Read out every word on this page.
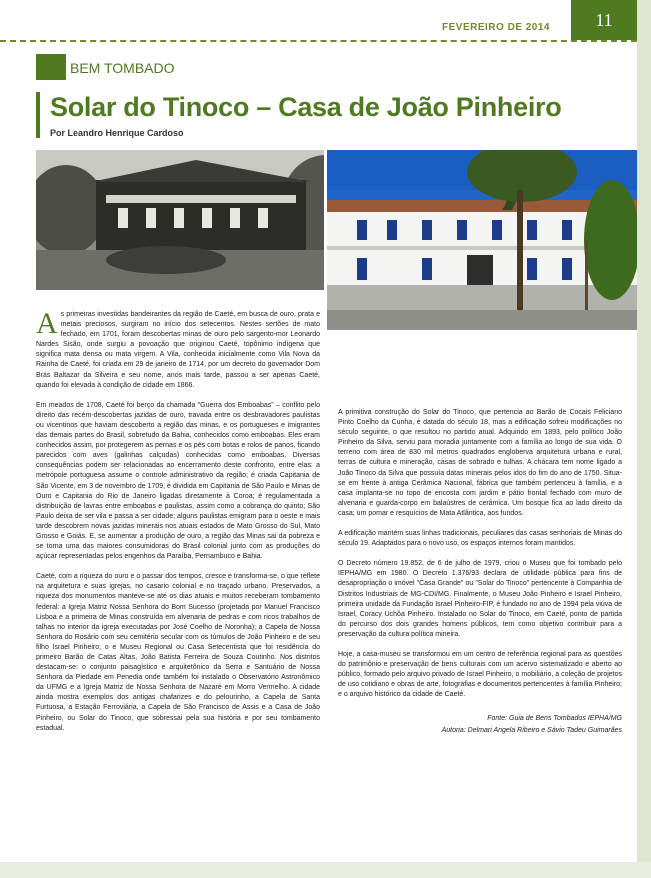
FEVEREIRO DE 2014	11
BEM TOMBADO
Solar do Tinoco – Casa de João Pinheiro
Por Leandro Henrique Cardoso

As primeiras investidas bandeirantes da região de Caeté, em busca de ouro, prata e metais preciosos, surgiram no início dos setecentos. Nestes sertões de mato fechado, em 1701, foram descobertas minas de ouro pelo sargento-mor Leonardo Nardes Sisão, onde surgiu a povoação que originou Caeté, topônimo indígena que significa mata densa ou mata virgem. A Vila, conhecida inicialmente como Vila Nova da Rainha de Caeté, foi criada em 29 de janeiro de 1714, por um decreto do governador Dom Brás Baltazar da Silveira e seu nome, anos mais tarde, passou a ser apenas Caeté, quando foi elevada à condição de cidade em 1866.

Em meados de 1708, Caeté foi berço da chamada "Guerra dos Emboabas" – conflito pelo direito das recém-descobertas jazidas de ouro, travada entre os desbravadores paulistas ou vicentinos que haviam descoberto a região das minas, e os portugueses e imigrantes das demais partes do Brasil, sobretudo da Bahia, conhecidos como emboabas. Eles eram conhecidos assim, por protegerem as pernas e os pés com botas e rolos de panos, ficando parecidos com aves (galinhas calçudas) conhecidas como emboabas. Diversas consequências podem ser relacionadas ao encerramento deste confronto, entre elas: a metrópole portuguesa assume o controle administrativo da região; é criada Capitania de São Vicente, em 3 de novembro de 1709, é dividida em Capitania de São Paulo e Minas de Ouro e Capitania do Rio de Janeiro ligadas diretamente à Coroa; é regulamentada a distribuição de lavras entre emboabas e paulistas, assim como a cobrança do quinto; São Paulo deixa de ser vila e passa a ser cidade; alguns paulistas emigram para o oeste e mais tarde descobrem novas jazidas minerais nos atuais estados de Mato Grosso do Sul, Mato Grosso e Goiás. E, se aumentar a produção de ouro, a região das Minas sai da pobreza e se torna uma das maiores consumidoras do Brasil colonial junto com as produções do açúcar representadas pelos engenhos da Paraíba, Pernambuco e Bahia.

Caeté, com a riqueza do ouro e o passar dos tempos, cresce e transforma-se, o que reflete na arquitetura e suas igrejas, no casario colonial e no traçado urbano. Preservados, a riqueza dos monumentos manteve-se até os dias atuais e muitos receberam tombamento federal: a Igreja Matriz Nossa Senhora do Bom Sucesso (projetada por Manuel Francisco Lisboa e a primeira de Minas construída em alvenaria de pedras e com ricos trabalhos de talhas no interior da igreja executadas por José Coelho de Noronha); a Capela de Nossa Senhora do Rosário com seu cemitério secular com os túmulos de João Pinheiro e de seu filho Israel Pinheiro; o e Museu Regional ou Casa Setecentista que foi residência do primeiro Barão de Catas Altas, João Batista Ferreira de Souza Coutinho. Nos distritos destacam-se: o conjunto paisagístico e arquitetônico da Serra e Santuário de Nossa Senhora da Piedade em Penedia onde também foi instalado o Observatório Astronômico da UFMG e a Igreja Matriz de Nossa Senhora de Nazaré em Morro Vermelho. A cidade ainda mostra exemplos dos antigas chafarizes e do pelourinho, a Capela de Santa Furtuosa, a Estação Ferroviária, a Capela de São Francisco de Assis e a Casa de João Pinheiro, ou Solar do Tinoco, que sobressai pela sua história e por seu tombamento estadual.

A primitiva construção do Solar do Tinoco, que pertencia ao Barão de Cocais Feliciano Pinto Coelho da Cunha, é datada do século 18, mas a edificação sofreu modificações no século seguinte, o que resultou no partido atual. Adquirido em 1893, pelo político João Pinheiro da Silva, serviu para moradia juntamente com a família ao longo de sua vida. O terreno com área de 830 mil metros quadrados engloberva arquitetura urbana e rural, terras de cultura e mineração, casas de sobrado e tulhas. A chácara tem nome ligado a João Tinoco da Silva que possuía datas minerais pelos idos do fim do ano de 1750. Situa-se em frente à antiga Cerâmica Nacional, fábrica que também pertenceu à família, e a casa implanta-se no topo de encosta com jardim e pátio frontal fechado com muro de alvenaria e guarda-corpo em balaústres de cerâmica. Um bosque fica ao lado direito da casa; um pomar e resquícios de Mata Atlântica, aos fundos.

A edificação mantém suas linhas tradicionais, peculiares das casas senhoriais de Minas do século 19. Adaptados para o novo uso, os espaços internos foram mantidos.

O Decreto número 19.852, de 6 de julho de 1979, criou o Museu que foi tombado pelo IEPHA/MG em 1980. O Decreto 1.376/93 declara de utilidade pública para fins de desapropriação o imóvel "Casa Grande" ou "Solar do Tinoco" pertencente à Companhia de Distritos Industriais de MG-CDI/MG. Finalmente, o Museu João Pinheiro e Israel Pinheiro, primeira unidade da Fundação Israel Pinheiro-FIP, é fundado no ano de 1994 pela viúva de Israel, Coracy Uchôa Pinheiro. Instalado no Solar do Tinoco, em Caeté, ponto de partida do percurso dos dois grandes homens públicos, tem como objetivo contribuir para a preservação da cultura política mineira.

Hoje, a casa-museu se transformou em um centro de referência regional para as questões do patrimônio e preservação de bens culturais com um acervo sistematizado e aberto ao público, formado pelo arquivo privado de Israel Pinheiro, o mobiliário, a coleção de projetos de uso cotidiano e obras de arte, fotografias e documentos pertencentes à família Pinheiro; e o arquivo histórico da cidade de Caeté.

Fonte: Guia de Bens Tombados IEPHA/MG
Autoria: Delmari Angela Ribeiro e Sávio Tadeu Guimarães
